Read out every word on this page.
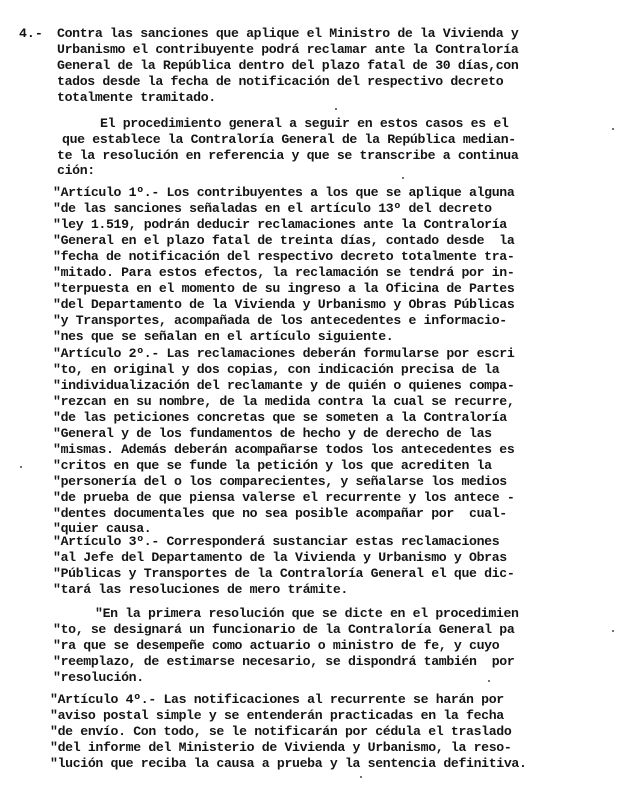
4.- Contra las sanciones que aplique el Ministro de la Vivienda y
Urbanismo el contribuyente podrá reclamar ante la Contraloría
General de la República dentro del plazo fatal de 30 días,con
tados desde la fecha de notificación del respectivo decreto
totalmente tramitado.
El procedimiento general a seguir en estos casos es el
que establece la Contraloría General de la República median-
te la resolución en referencia y que se transcribe a continua
ción:
"Artículo 1º.- Los contribuyentes a los que se aplique alguna
"de las sanciones señaladas en el artículo 13º del decreto
"ley 1.519, podrán deducir reclamaciones ante la Contraloría
"General en el plazo fatal de treinta días, contado desde  la
"fecha de notificación del respectivo decreto totalmente tra-
"mitado. Para estos efectos, la reclamación se tendrá por in-
"terpuesta en el momento de su ingreso a la Oficina de Partes
"del Departamento de la Vivienda y Urbanismo y Obras Públicas
"y Transportes, acompañada de los antecedentes e informacio-
"nes que se señalan en el artículo siguiente.
"Artículo 2º.- Las reclamaciones deberán formularse por escri
"to, en original y dos copias, con indicación precisa de la
"individualización del reclamante y de quién o quienes compa-
"rezcan en su nombre, de la medida contra la cual se recurre,
"de las peticiones concretas que se someten a la Contraloría
"General y de los fundamentos de hecho y de derecho de las
"mismas. Además deberán acompañarse todos los antecedentes es
"critos en que se funde la petición y los que acrediten la
"personería del o los comparecientes, y señalarse los medios
"de prueba de que piensa valerse el recurrente y los antece -
"dentes documentales que no sea posible acompañar por  cual-
"quier causa.
"Artículo 3º.- Corresponderá sustanciar estas reclamaciones
"al Jefe del Departamento de la Vivienda y Urbanismo y Obras
"Públicas y Transportes de la Contraloría General el que dic-
"tará las resoluciones de mero trámite.
"En la primera resolución que se dicte en el procedimien
"to, se designará un funcionario de la Contraloría General pa
"ra que se desempeñe como actuario o ministro de fe, y cuyo
"reemplazo, de estimarse necesario, se dispondrá también  por
"resolución.
"Artículo 4º.- Las notificaciones al recurrente se harán por
"aviso postal simple y se entenderán practicadas en la fecha
"de envío. Con todo, se le notificarán por cédula el traslado
"del informe del Ministerio de Vivienda y Urbanismo, la reso-
"lución que reciba la causa a prueba y la sentencia definitiva.
